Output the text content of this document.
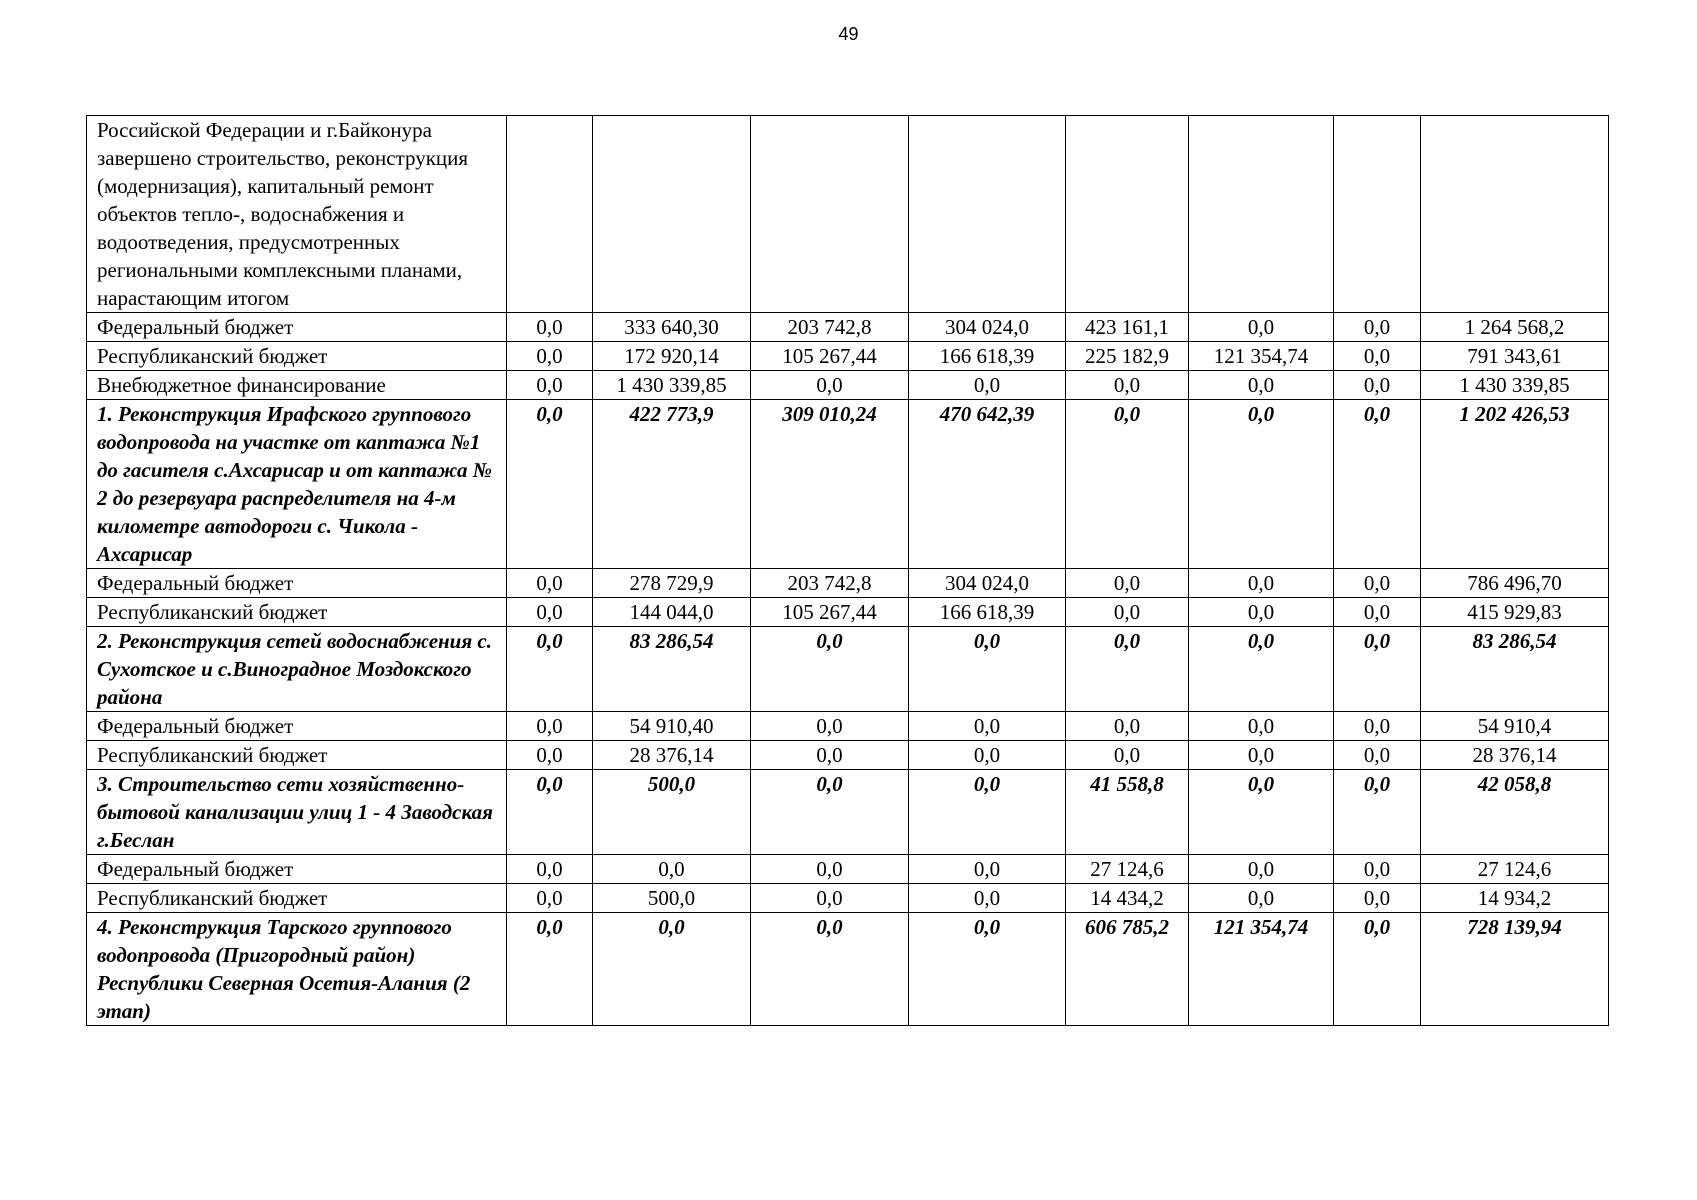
49
Российской Федерации и г.Байконура завершено строительство, реконструкция (модернизация), капитальный ремонт объектов тепло-, водоснабжения и водоотведения, предусмотренных региональными комплексными планами, нарастающим итогом								
Федеральный бюджет	0,0	333 640,30	203 742,8	304 024,0	423 161,1	0,0	0,0	1 264 568,2
Республиканский бюджет	0,0	172 920,14	105 267,44	166 618,39	225 182,9	121 354,74	0,0	791 343,61
Внебюджетное финансирование	0,0	1 430 339,85	0,0	0,0	0,0	0,0	0,0	1 430 339,85
1. Реконструкция Ирафского группового водопровода на участке от каптажа №1 до гасителя с.Ахсарисар и от каптажа № 2 до резервуара распределителя на 4-м километре автодороги с. Чикола - Ахсарисар	0,0	422 773,9	309 010,24	470 642,39	0,0	0,0	0,0	1 202 426,53
Федеральный бюджет	0,0	278 729,9	203 742,8	304 024,0	0,0	0,0	0,0	786 496,70
Республиканский бюджет	0,0	144 044,0	105 267,44	166 618,39	0,0	0,0	0,0	415 929,83
2. Реконструкция сетей водоснабжения с. Сухотское и с.Виноградное Моздокского района	0,0	83 286,54	0,0	0,0	0,0	0,0	0,0	83 286,54
Федеральный бюджет	0,0	54 910,40	0,0	0,0	0,0	0,0	0,0	54 910,4
Республиканский бюджет	0,0	28 376,14	0,0	0,0	0,0	0,0	0,0	28 376,14
3. Строительство сети хозяйственно-бытовой канализации улиц 1 - 4 Заводская г.Беслан	0,0	500,0	0,0	0,0	41 558,8	0,0	0,0	42 058,8
Федеральный бюджет	0,0	0,0	0,0	0,0	27 124,6	0,0	0,0	27 124,6
Республиканский бюджет	0,0	500,0	0,0	0,0	14 434,2	0,0	0,0	14 934,2
4. Реконструкция Тарского группового водопровода (Пригородный район) Республики Северная Осетия-Алания (2 этап)	0,0	0,0	0,0	0,0	606 785,2	121 354,74	0,0	728 139,94
